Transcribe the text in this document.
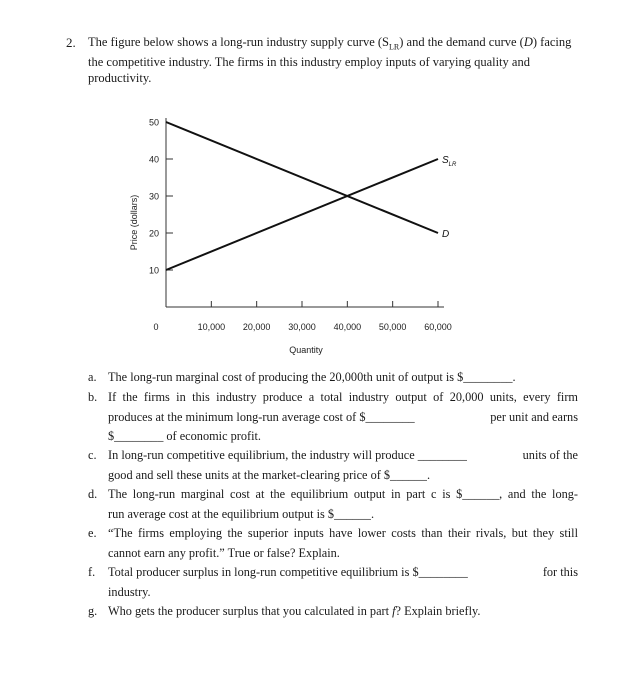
2. The figure below shows a long-run industry supply curve $(S_{LR})$ and the demand curve (D) facing the competitive industry. The firms in this industry employ inputs of varying quality and productivity.
10
20
30
40
50
10,000 20,000 30,000 40,000 50,000 60,000
0
Quantity
Price (dollars)
$S_{LR}$
D
a. The long-run marginal cost of producing the 20,000th unit of output is $________.
b. If the firms in this industry produce a total industry output of 20,000 units, every firm
produces at the minimum long-run average cost of $________	per unit and earns
$________ of economic profit.
c. In long-run competitive equilibrium, the industry will produce ________	units of the
good and sell these units at the market-clearing price of $______.
d. The long-run marginal cost at the equilibrium output in part c is $______, and the long-
run average cost at the equilibrium output is $______.
e. “The firms employing the superior inputs have lower costs than their rivals, but they still
cannot earn any profit.” True or false? Explain.
f.	Total producer surplus in long-run competitive equilibrium is $________	for this
industry.
g. Who gets the producer surplus that you calculated in part f? Explain briefly.
